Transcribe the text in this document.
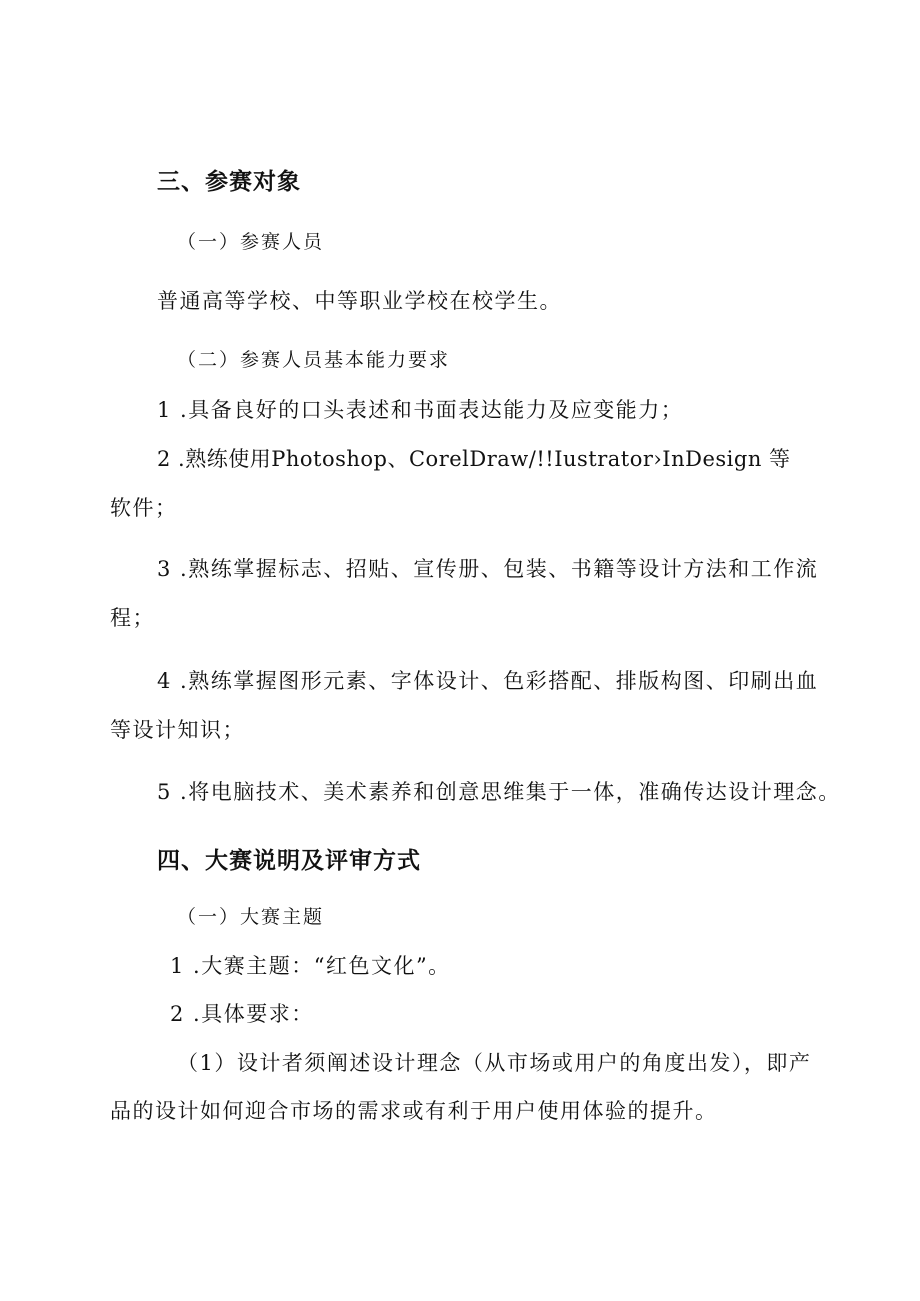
三、参赛对象
（一）参赛人员
普通高等学校、中等职业学校在校学生。
（二）参赛人员基本能力要求
1 .具备良好的口头表述和书面表达能力及应变能力；
2 .熟练使用Photoshop、CorelDraw/!!Iustrator›InDesign 等
软件；
3 .熟练掌握标志、招贴、宣传册、包装、书籍等设计方法和工作流
程；
4 .熟练掌握图形元素、字体设计、色彩搭配、排版构图、印刷出血
等设计知识；
5 .将电脑技术、美术素养和创意思维集于一体，准确传达设计理念。
四、大赛说明及评审方式
（一）大赛主题
1 .大赛主题：“红色文化”。
2 .具体要求：
（1）设计者须阐述设计理念（从市场或用户的角度出发），即产
品的设计如何迎合市场的需求或有利于用户使用体验的提升。
